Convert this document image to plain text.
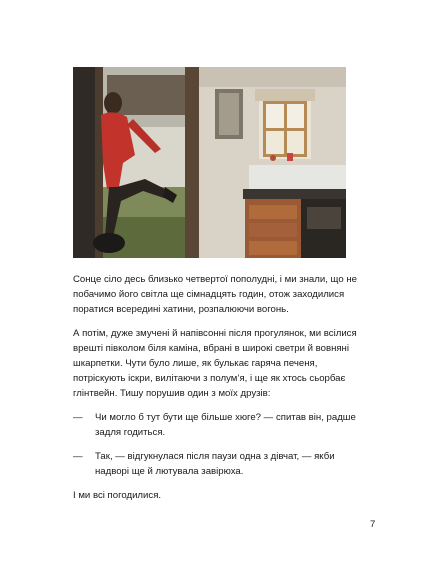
Сонце сіло десь близько четвертої пополудні, і ми знали, що не побачимо його світла ще сімнадцять годин, отож заходилися поратися всередині хатини, розпалюючи вогонь.

А потім, дуже змучені й напівсонні після прогулянок, ми всілися врешті півколом біля каміна, вбрані в широкі светри й вовняні шкарпетки. Чути було лише, як булькає гаряча печеня, потріскують іскри, вилітаючи з полум’я, і ще як хтось сьорбає глінтвейн. Тишу порушив один з моїх друзів:

—	Чи могло б тут бути ще більше хюге? — спитав він, радше задля годиться.

—	Так, — відгукнулася після паузи одна з дівчат, — якби надворі ще й лютувала завірюха.

І ми всі погодилися.

7
